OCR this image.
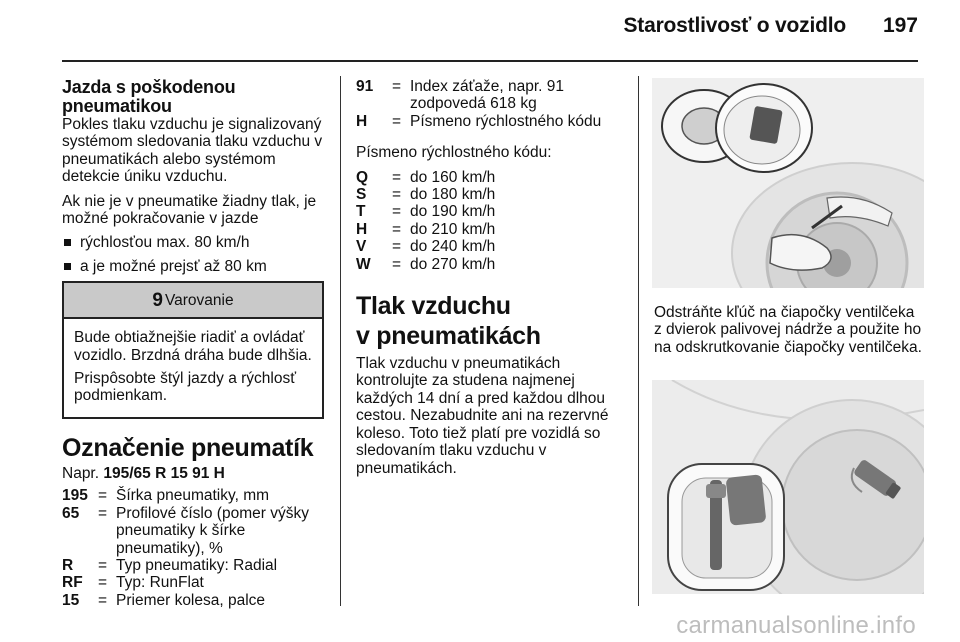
Starostlivosť o vozidlo 197
Jazda s poškodenou pneumatikou

Pokles tlaku vzduchu je signalizovaný systémom sledovania tlaku vzduchu v pneumatikách alebo systémom detekcie úniku vzduchu.

Ak nie je v pneumatike žiadny tlak, je možné pokračovanie v jazde

rýchlosťou max. 80 km/h
a je možné prejsť až 80 km
9 Varovanie

Bude obtiažnejšie riadiť a ovládať vozidlo. Brzdná dráha bude dlhšia.

Prispôsobte štýl jazdy a rýchlosť podmienkam.

Označenie pneumatík

Napr. 195/65 R 15 91 H

195 = Šírka pneumatiky, mm
65	= Profilové číslo (pomer výšky pneumatiky k šírke pneumatiky), %
R	= Typ pneumatiky: Radial
RF = Typ: RunFlat
15	= Priemer kolesa, palce
91	= Index záťaže, napr. 91 zodpovedá 618 kg
H	= Písmeno rýchlostného kódu

Písmeno rýchlostného kódu:

Q	= do 160 km/h
S	= do 180 km/h
T	= do 190 km/h
H	= do 210 km/h
V	= do 240 km/h
W	= do 270 km/h
Tlak vzduchu
v pneumatikách

Tlak vzduchu v pneumatikách kontrolujte za studena najmenej každých 14 dní a pred každou dlhou cestou. Nezabudnite ani na rezervné koleso. Toto tiež platí pre vozidlá so sledovaním tlaku vzduchu v pneumatikách.

Odstráňte kľúč na čiapočky ventilčeka z dvierok palivovej nádrže a použite ho na odskrutkovanie čiapočky ventilčeka.

carmanualsonline.info
